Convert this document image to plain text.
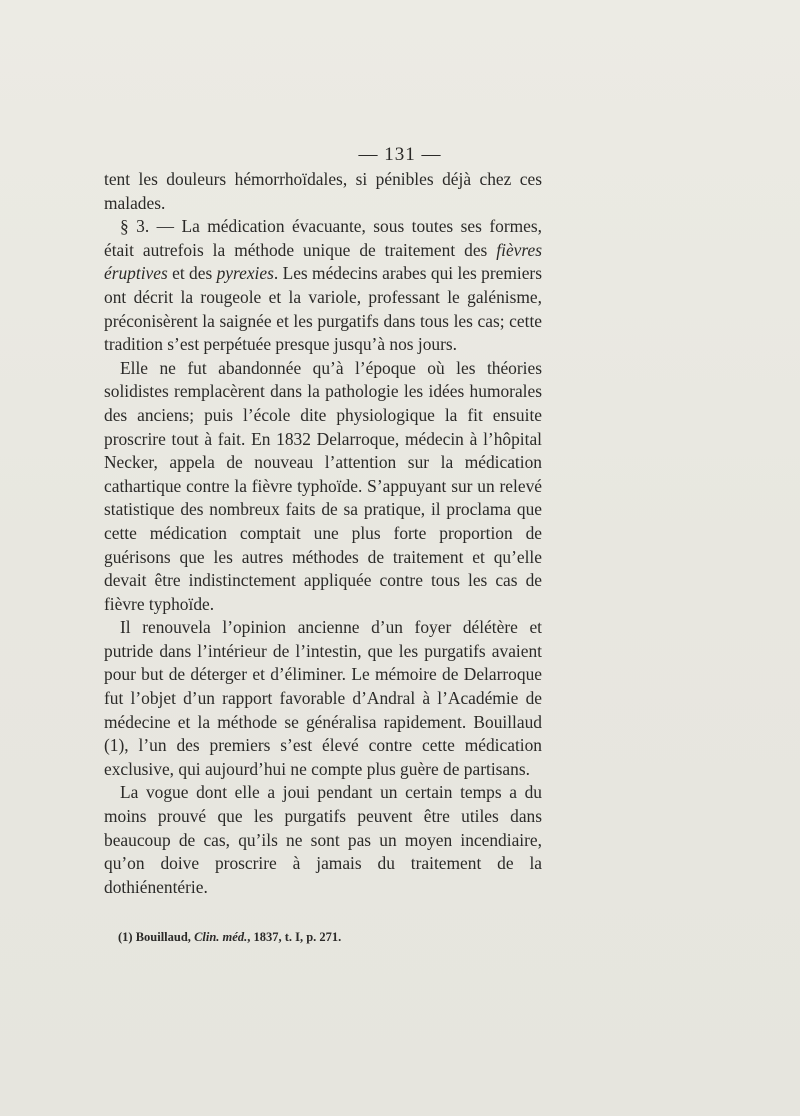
— 131 —

tent les douleurs hémorrhoïdales, si pénibles déjà chez ces malades.

§ 3. — La médication évacuante, sous toutes ses formes, était autrefois la méthode unique de traitement des fièvres éruptives et des pyrexies. Les médecins arabes qui les premiers ont décrit la rougeole et la variole, professant le galénisme, préconisèrent la saignée et les purgatifs dans tous les cas; cette tradition s’est perpétuée presque jusqu’à nos jours.

Elle ne fut abandonnée qu’à l’époque où les théories solidistes remplacèrent dans la pathologie les idées humorales des anciens; puis l’école dite physiologique la fit ensuite proscrire tout à fait. En 1832 Delarroque, médecin à l’hôpital Necker, appela de nouveau l’attention sur la médication cathartique contre la fièvre typhoïde. S’appuyant sur un relevé statistique des nombreux faits de sa pratique, il proclama que cette médication comptait une plus forte proportion de guérisons que les autres méthodes de traitement et qu’elle devait être indistinctement appliquée contre tous les cas de fièvre typhoïde.

Il renouvela l’opinion ancienne d’un foyer délétère et putride dans l’intérieur de l’intestin, que les purgatifs avaient pour but de déterger et d’éliminer. Le mémoire de Delarroque fut l’objet d’un rapport favorable d’Andral à l’Académie de médecine et la méthode se généralisa rapidement. Bouillaud (1), l’un des premiers s’est élevé contre cette médication exclusive, qui aujourd’hui ne compte plus guère de partisans.

La vogue dont elle a joui pendant un certain temps a du moins prouvé que les purgatifs peuvent être utiles dans beaucoup de cas, qu’ils ne sont pas un moyen incendiaire, qu’on doive proscrire à jamais du traitement de la dothiénentérie.

(1) Bouillaud, Clin. méd., 1837, t. I, p. 271.
